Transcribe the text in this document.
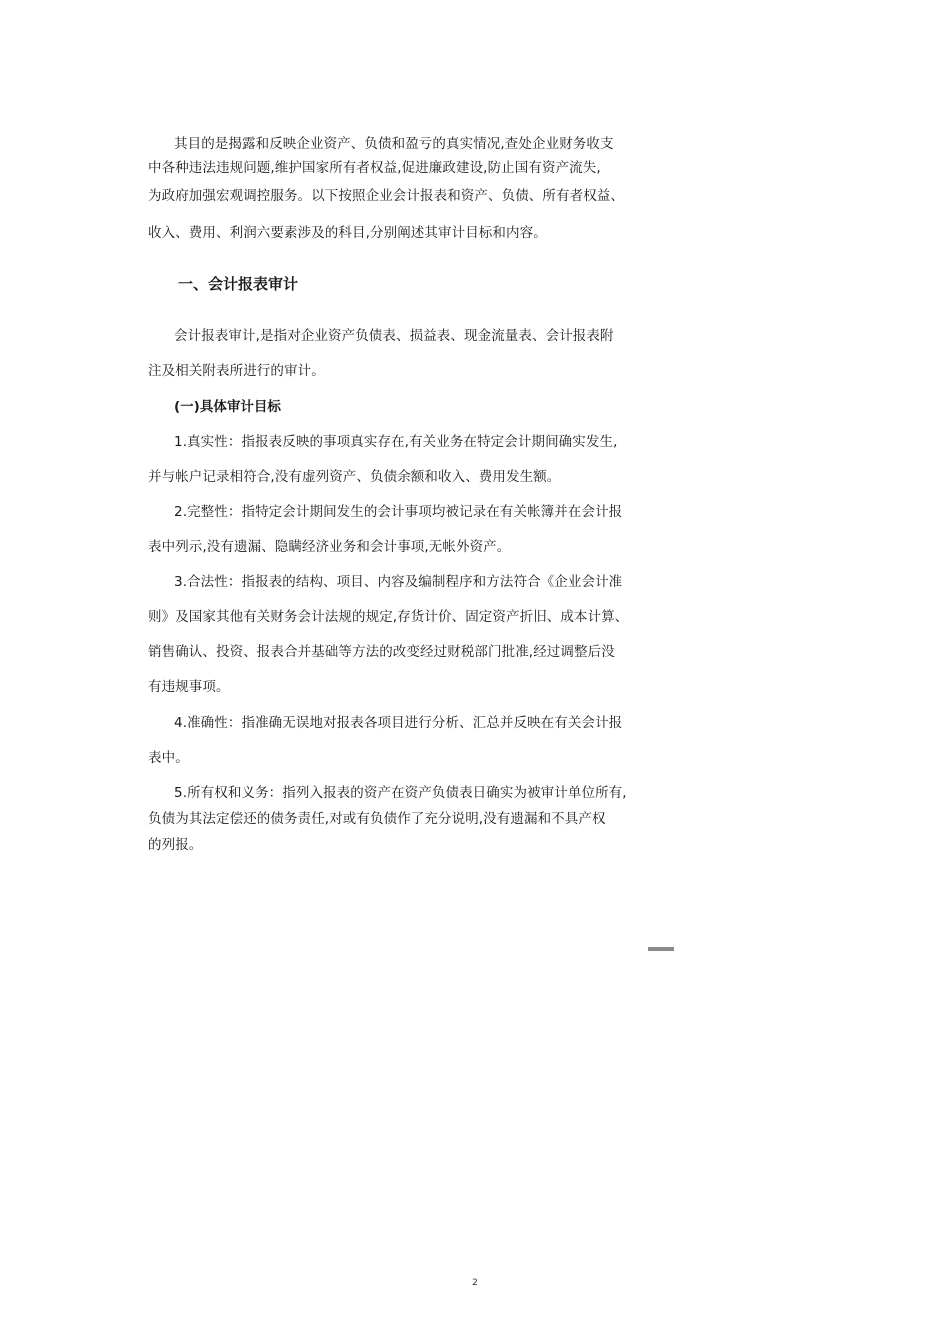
其目的是揭露和反映企业资产、负债和盈亏的真实情况,查处企业财务收支
中各种违法违规问题,维护国家所有者权益,促进廉政建设,防止国有资产流失,
为政府加强宏观调控服务。以下按照企业会计报表和资产、负债、所有者权益、
收入、费用、利润六要素涉及的科目,分别阐述其审计目标和内容。
一、会计报表审计
会计报表审计,是指对企业资产负债表、损益表、现金流量表、会计报表附
注及相关附表所进行的审计。
(一)具体审计目标
1.真实性：指报表反映的事项真实存在,有关业务在特定会计期间确实发生,
并与帐户记录相符合,没有虚列资产、负债余额和收入、费用发生额。
2.完整性：指特定会计期间发生的会计事项均被记录在有关帐簿并在会计报
表中列示,没有遗漏、隐瞒经济业务和会计事项,无帐外资产。
3.合法性：指报表的结构、项目、内容及编制程序和方法符合《企业会计准
则》及国家其他有关财务会计法规的规定,存货计价、固定资产折旧、成本计算、
销售确认、投资、报表合并基础等方法的改变经过财税部门批准,经过调整后没
有违规事项。
4.准确性：指准确无误地对报表各项目进行分析、汇总并反映在有关会计报
表中。
5.所有权和义务：指列入报表的资产在资产负债表日确实为被审计单位所有,
负债为其法定偿还的债务责任,对或有负债作了充分说明,没有遗漏和不具产权
的列报。
2
